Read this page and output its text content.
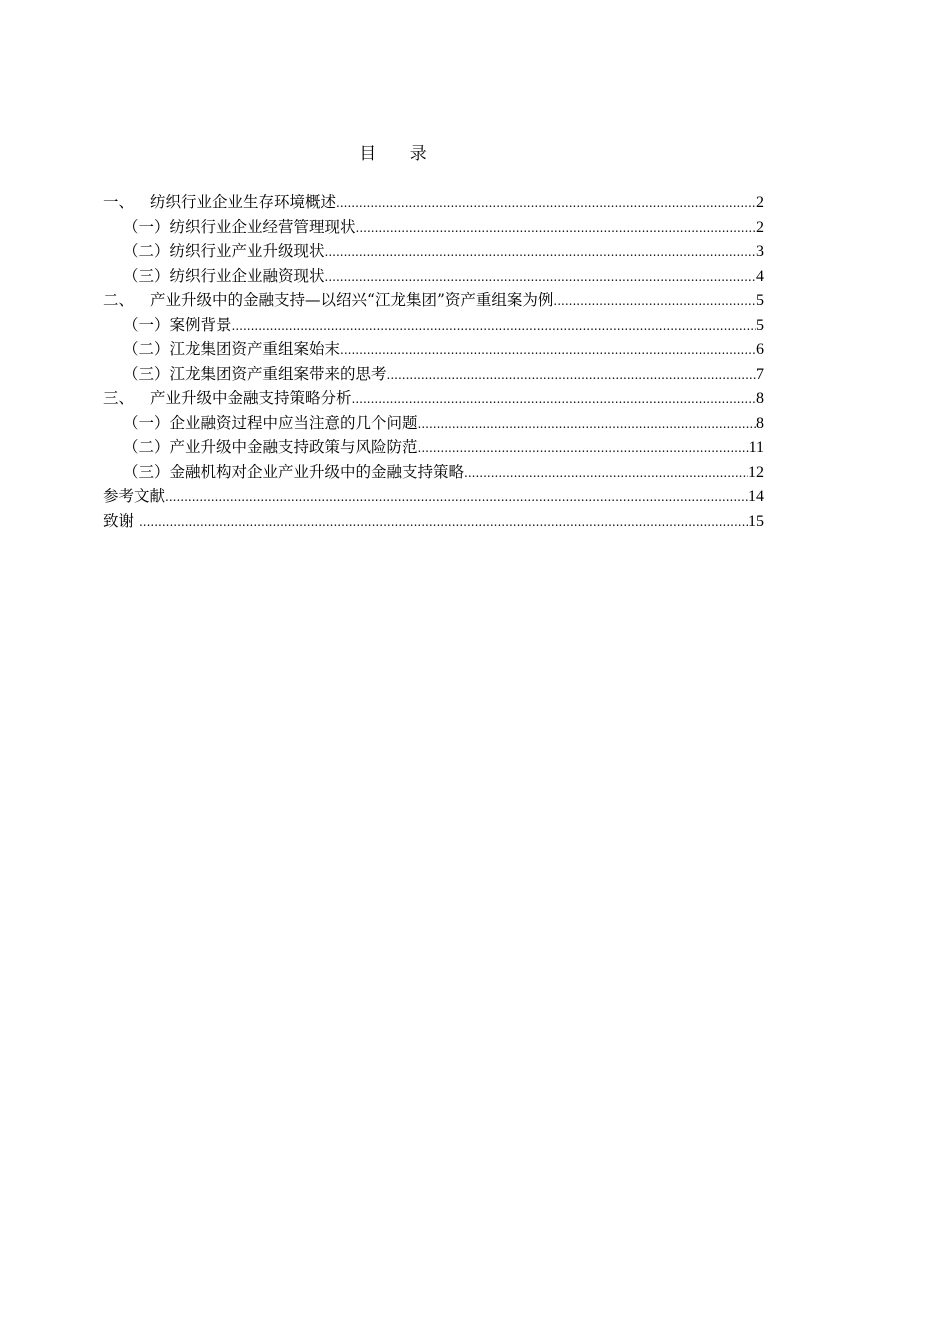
目 录
一、 纺织行业企业生存环境概述 .....	2
（一）纺织行业企业经营管理现状 .....	2
（二）纺织行业产业升级现状 .....	3
（三）纺织行业企业融资现状 .....	4
二、 产业升级中的金融支持—以绍兴“江龙集团”资产重组案为例 .....	5
（一）案例背景 .....	5
（二）江龙集团资产重组案始末 .....	6
（三）江龙集团资产重组案带来的思考 .....	7
三、 产业升级中金融支持策略分析 .....	8
（一）企业融资过程中应当注意的几个问题 .....	8
（二）产业升级中金融支持政策与风险防范 .....	11
（三）金融机构对企业产业升级中的金融支持策略 .....	12
参考文献 .....	14
致谢 .....	15
